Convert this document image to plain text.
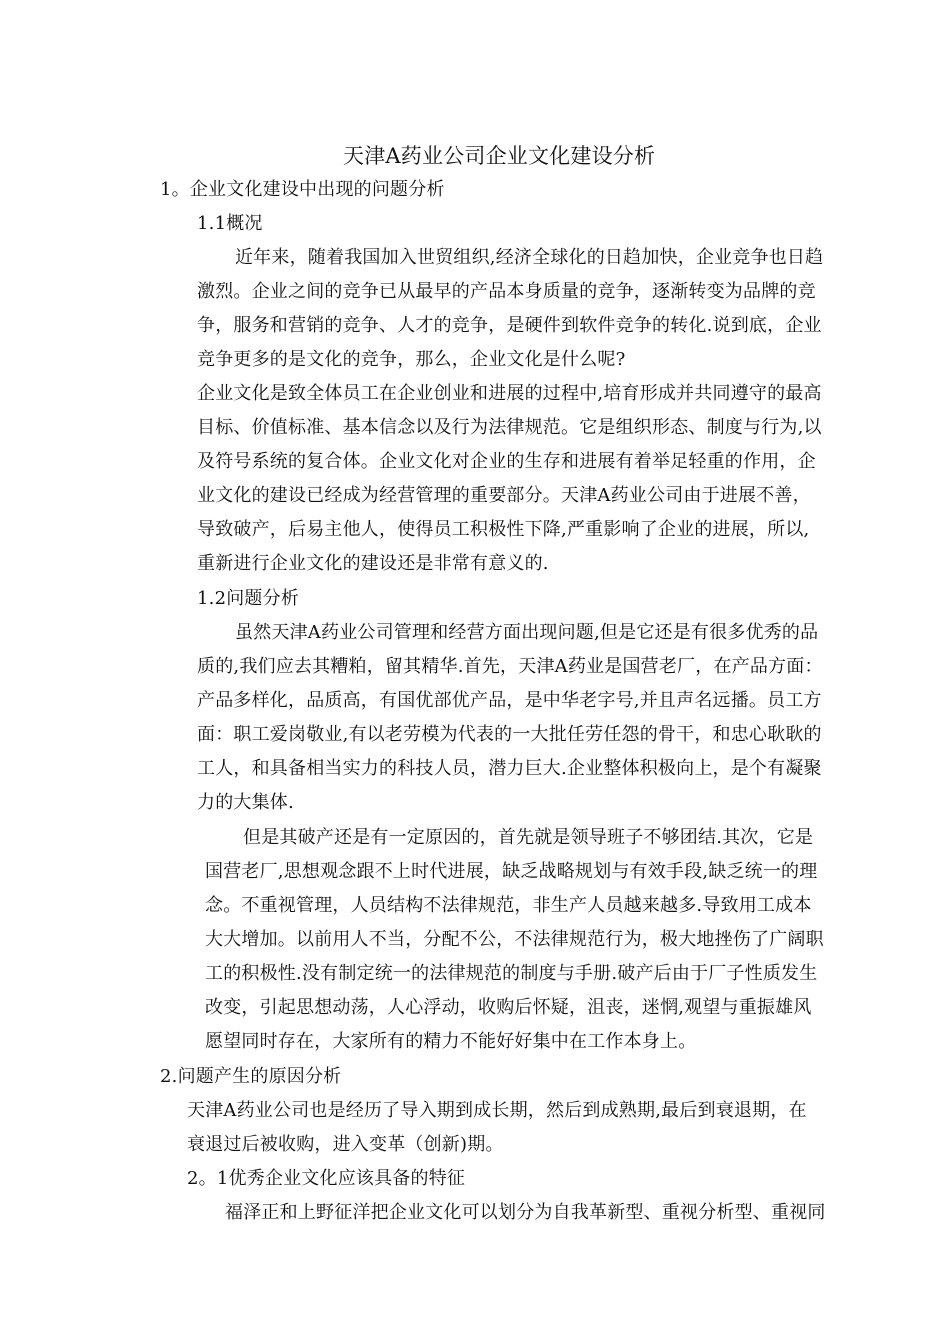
天津A药业公司企业文化建设分析
1。企业文化建设中出现的问题分析
1.1概况
近年来，随着我国加入世贸组织,经济全球化的日趋加快，企业竞争也日趋
激烈。企业之间的竞争已从最早的产品本身质量的竞争，逐渐转变为品牌的竞
争，服务和营销的竞争、人才的竞争，是硬件到软件竞争的转化.说到底，企业
竞争更多的是文化的竞争，那么，企业文化是什么呢?
企业文化是致全体员工在企业创业和进展的过程中,培育形成并共同遵守的最高
目标、价值标准、基本信念以及行为法律规范。它是组织形态、制度与行为,以
及符号系统的复合体。企业文化对企业的生存和进展有着举足轻重的作用，企
业文化的建设已经成为经营管理的重要部分。天津A药业公司由于进展不善，
导致破产，后易主他人，使得员工积极性下降,严重影响了企业的进展，所以,
重新进行企业文化的建设还是非常有意义的.
1.2问题分析
虽然天津A药业公司管理和经营方面出现问题,但是它还是有很多优秀的品
质的,我们应去其糟粕，留其精华.首先，天津A药业是国营老厂，在产品方面：
产品多样化，品质高，有国优部优产品，是中华老字号,并且声名远播。员工方
面：职工爱岗敬业,有以老劳模为代表的一大批任劳任怨的骨干，和忠心耿耿的
工人，和具备相当实力的科技人员，潜力巨大.企业整体积极向上，是个有凝聚
力的大集体.
但是其破产还是有一定原因的，首先就是领导班子不够团结.其次，它是
国营老厂,思想观念跟不上时代进展，缺乏战略规划与有效手段,缺乏统一的理
念。不重视管理，人员结构不法律规范，非生产人员越来越多.导致用工成本
大大增加。以前用人不当，分配不公，不法律规范行为，极大地挫伤了广阔职
工的积极性.没有制定统一的法律规范的制度与手册.破产后由于厂子性质发生
改变，引起思想动荡，人心浮动，收购后怀疑，沮丧，迷惘,观望与重振雄风
愿望同时存在，大家所有的精力不能好好集中在工作本身上。
2.问题产生的原因分析
天津A药业公司也是经历了导入期到成长期，然后到成熟期,最后到衰退期，在
衰退过后被收购，进入变革（创新)期。
2。1优秀企业文化应该具备的特征
福泽正和上野征洋把企业文化可以划分为自我革新型、重视分析型、重视同
